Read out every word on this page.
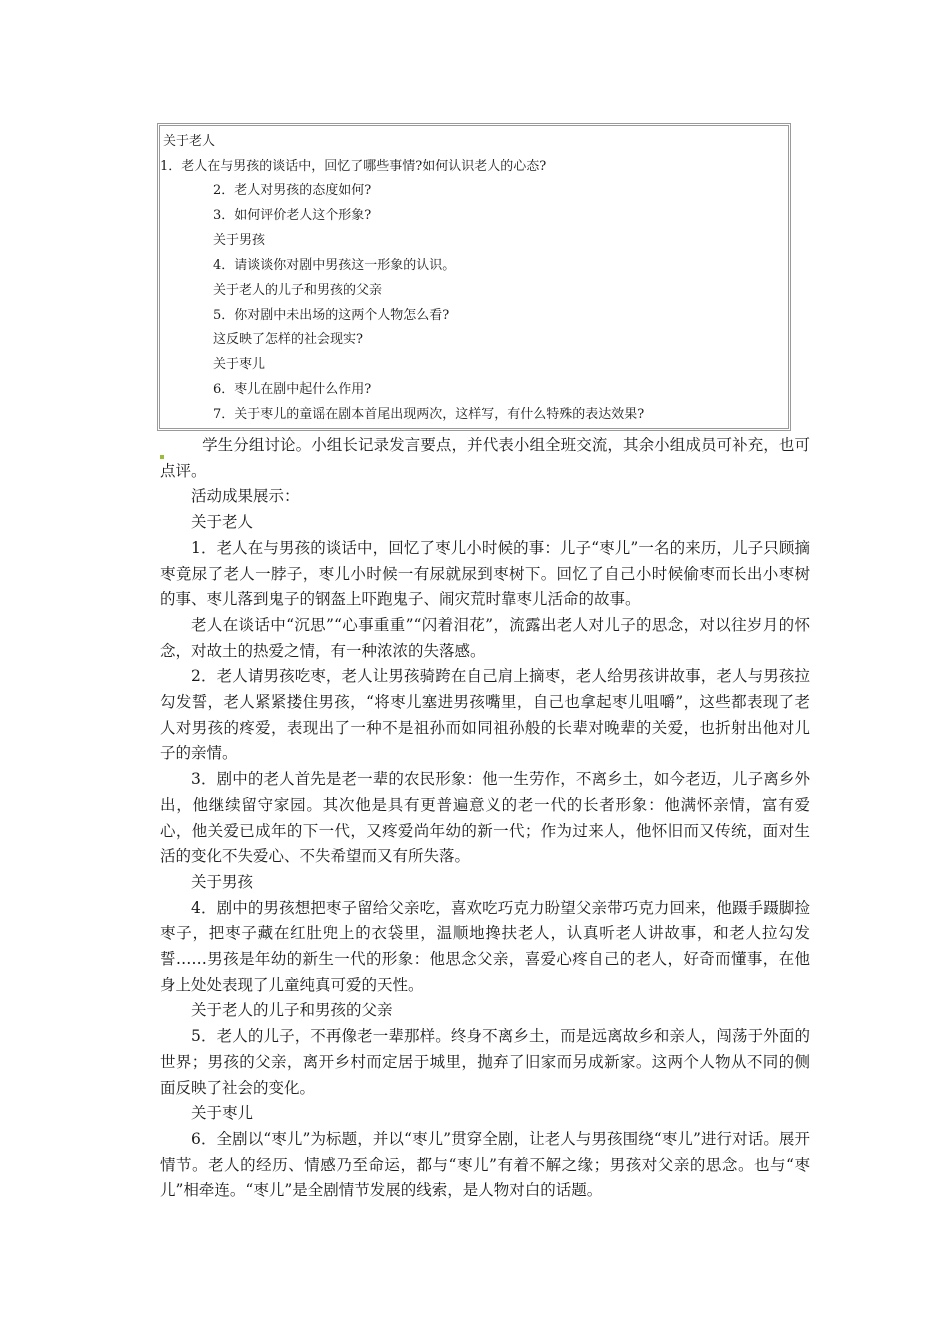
关于老人
1．老人在与男孩的谈话中，回忆了哪些事情?如何认识老人的心态?
2．老人对男孩的态度如何?
3．如何评价老人这个形象?
关于男孩
4．请谈谈你对剧中男孩这一形象的认识。
关于老人的儿子和男孩的父亲
5．你对剧中未出场的这两个人物怎么看?
这反映了怎样的社会现实?
关于枣儿
6．枣儿在剧中起什么作用?
7．关于枣儿的童谣在剧本首尾出现两次，这样写，有什么特殊的表达效果?

学生分组讨论。小组长记录发言要点，并代表小组全班交流，其余小组成员可补充，也可点评。

活动成果展示：

关于老人

1．老人在与男孩的谈话中，回忆了枣儿小时候的事：儿子“枣儿”一名的来历，儿子只顾摘枣竟尿了老人一脖子，枣儿小时候一有尿就尿到枣树下。回忆了自己小时候偷枣而长出小枣树的事、枣儿落到鬼子的钢盔上吓跑鬼子、闹灾荒时靠枣儿活命的故事。

老人在谈话中“沉思”“心事重重”“闪着泪花”，流露出老人对儿子的思念，对以往岁月的怀念，对故土的热爱之情，有一种浓浓的失落感。

2．老人请男孩吃枣，老人让男孩骑跨在自己肩上摘枣，老人给男孩讲故事，老人与男孩拉勾发誓，老人紧紧搂住男孩，“将枣儿塞进男孩嘴里，自己也拿起枣儿咀嚼”，这些都表现了老人对男孩的疼爱，表现出了一种不是祖孙而如同祖孙般的长辈对晚辈的关爱，也折射出他对儿子的亲情。

3．剧中的老人首先是老一辈的农民形象：他一生劳作，不离乡土，如今老迈，儿子离乡外出，他继续留守家园。其次他是具有更普遍意义的老一代的长者形象：他满怀亲情，富有爱心，他关爱已成年的下一代，又疼爱尚年幼的新一代；作为过来人，他怀旧而又传统，面对生活的变化不失爱心、不失希望而又有所失落。

关于男孩

4．剧中的男孩想把枣子留给父亲吃，喜欢吃巧克力盼望父亲带巧克力回来，他蹑手蹑脚捡枣子，把枣子藏在红肚兜上的衣袋里，温顺地搀扶老人，认真听老人讲故事，和老人拉勾发誓……男孩是年幼的新生一代的形象：他思念父亲，喜爱心疼自己的老人，好奇而懂事，在他身上处处表现了儿童纯真可爱的天性。

关于老人的儿子和男孩的父亲

5．老人的儿子，不再像老一辈那样。终身不离乡土，而是远离故乡和亲人，闯荡于外面的世界；男孩的父亲，离开乡村而定居于城里，抛弃了旧家而另成新家。这两个人物从不同的侧面反映了社会的变化。

关于枣儿

6．全剧以“枣儿”为标题，并以“枣儿”贯穿全剧，让老人与男孩围绕“枣儿”进行对话。展开情节。老人的经历、情感乃至命运，都与“枣儿”有着不解之缘；男孩对父亲的思念。也与“枣儿”相牵连。“枣儿”是全剧情节发展的线索，是人物对白的话题。
